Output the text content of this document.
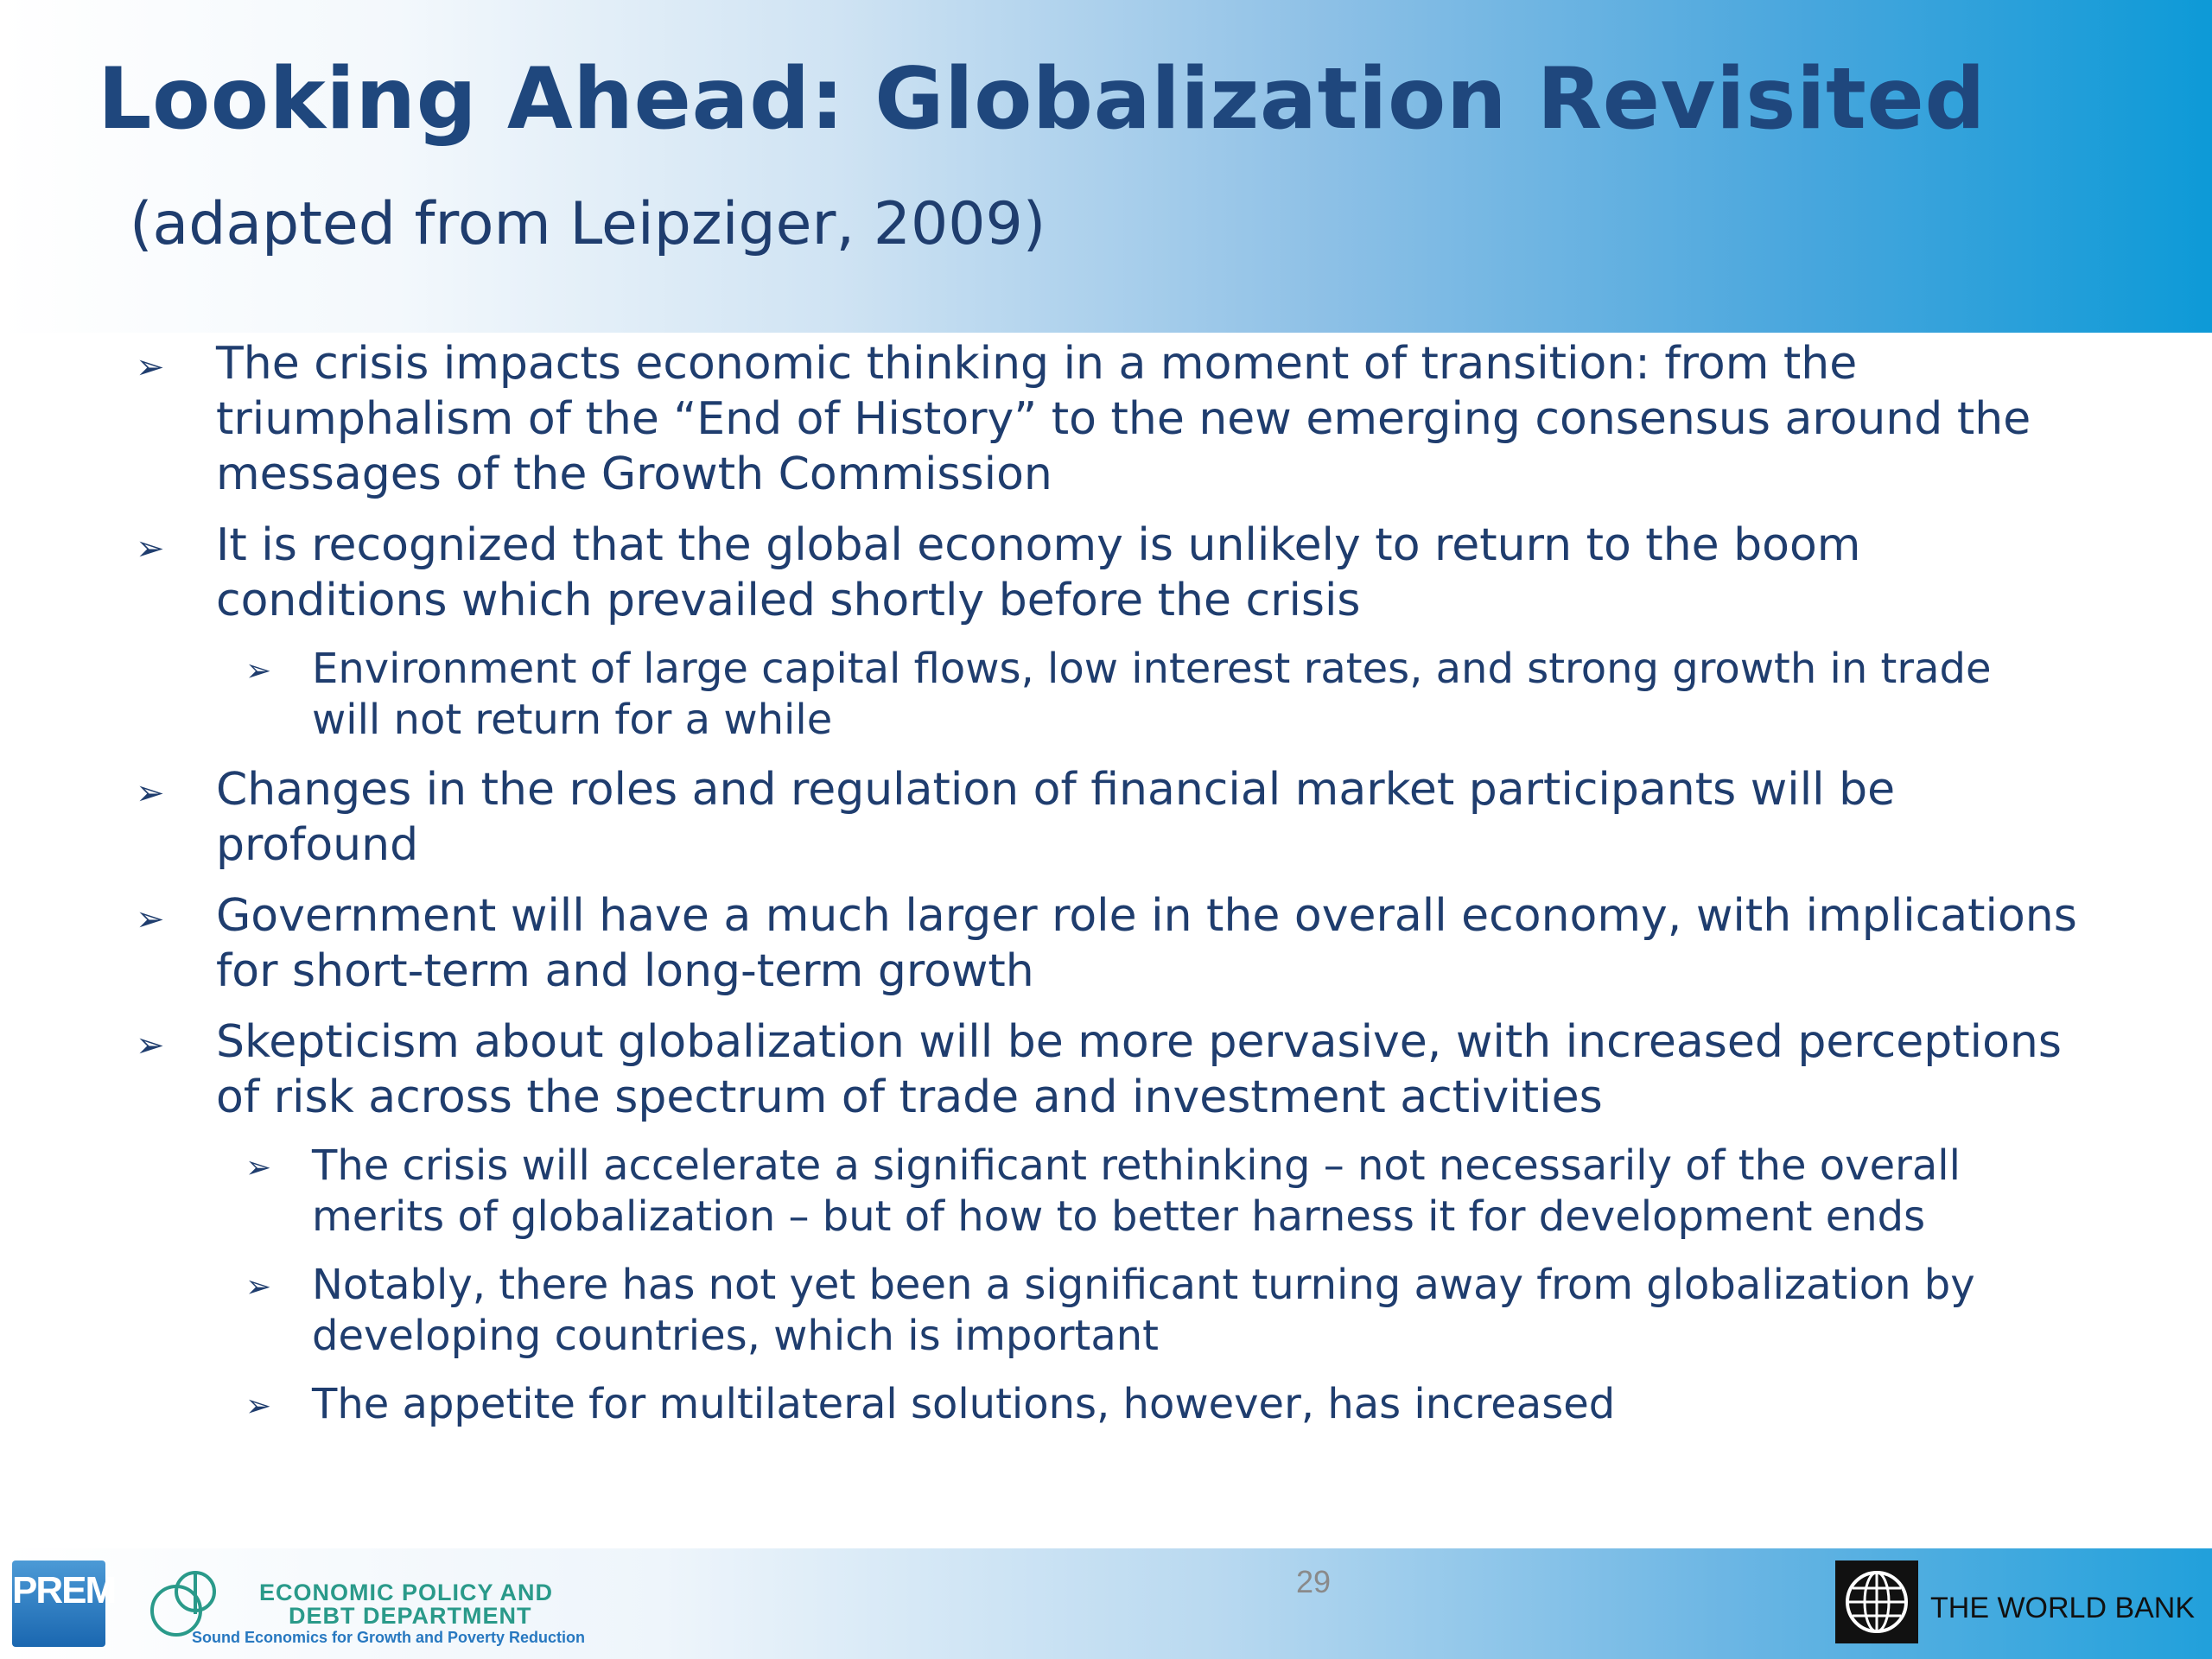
Looking Ahead: Globalization Revisited
(adapted from Leipziger, 2009)
➢ The crisis impacts economic thinking in a moment of transition: from the
triumphalism of the “End of History” to the new emerging consensus around the
messages of the Growth Commission
➢ It is recognized that the global economy is unlikely to return to the boom
conditions which prevailed shortly before the crisis
➢ Environment of large capital flows, low interest rates, and strong growth in trade
will not return for a while
➢ Changes in the roles and regulation of financial market participants will be
profound
➢ Government will have a much larger role in the overall economy, with implications
for short-term and long-term growth
➢ Skepticism about globalization will be more pervasive, with increased perceptions
of risk across the spectrum of trade and investment activities
➢ The crisis will accelerate a significant rethinking – not necessarily of the overall
merits of globalization – but of how to better harness it for development ends
➢ Notably, there has not yet been a significant turning away from globalization by
developing countries, which is important
➢ The appetite for multilateral solutions, however, has increased
PREM	ECONOMIC POLICY AND
DEBT DEPARTMENT
Sound Economics for Growth and Poverty Reduction
29
THE WORLD BANK
